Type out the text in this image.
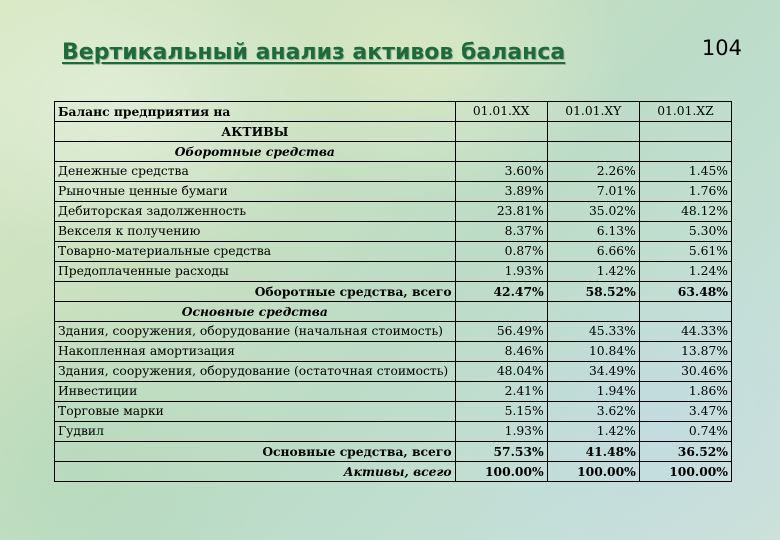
Вертикальный анализ активов баланса	104
Баланс предприятия на	01.01.XX	01.01.XY	01.01.XZ
АКТИВЫ			
Оборотные средства			
Денежные средства	3.60%	2.26%	1.45%
Рыночные ценные бумаги	3.89%	7.01%	1.76%
Дебиторская задолженность	23.81%	35.02%	48.12%
Векселя к получению	8.37%	6.13%	5.30%
Товарно-материальные средства	0.87%	6.66%	5.61%
Предоплаченные расходы	1.93%	1.42%	1.24%
Оборотные средства, всего	42.47%	58.52%	63.48%
Основные средства			
Здания, сооружения, оборудование (начальная стоимость)	56.49%	45.33%	44.33%
Накопленная амортизация	8.46%	10.84%	13.87%
Здания, сооружения, оборудование (остаточная стоимость)	48.04%	34.49%	30.46%
Инвестиции	2.41%	1.94%	1.86%
Торговые марки	5.15%	3.62%	3.47%
Гудвил	1.93%	1.42%	0.74%
Основные средства, всего	57.53%	41.48%	36.52%
Активы, всего	100.00%	100.00%	100.00%
